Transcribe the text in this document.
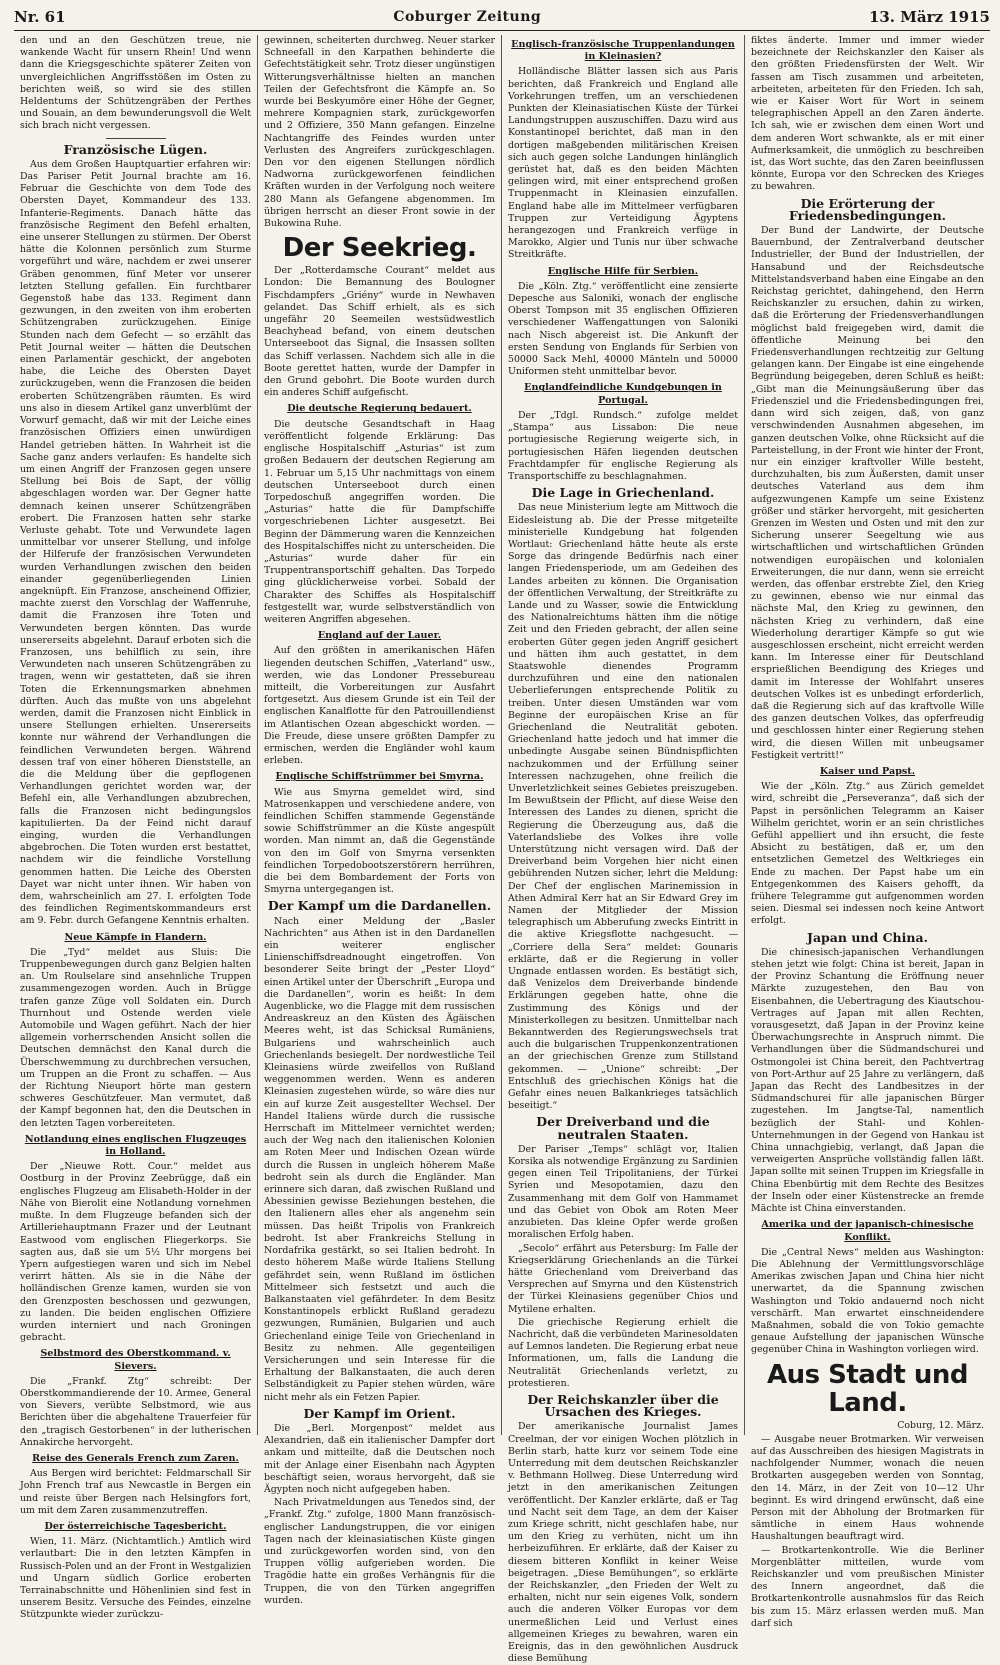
Nr. 61	Coburger Zeitung	13. März 1915

den und an den Geschützen treue, nie wankende Wacht für unsern Rhein! Und wenn dann die Kriegsgeschichte späterer Zeiten von unvergleichlichen Angriffsstößen im Osten zu berichten weiß, so wird sie des stillen Heldentums der Schützengräben der Perthes und Souain, an dem bewunderungsvoll die Welt sich brach nicht vergessen.

Französische Lügen.

Aus dem Großen Hauptquartier erfahren wir: Das Pariser Petit Journal brachte am 16. Februar die Geschichte von dem Tode des Obersten Dayet, Kommandeur des 133. Infanterie-Regiments. Danach hätte das französische Regiment den Befehl erhalten, eine unserer Stellungen zu stürmen. Der Oberst hätte die Kolonnen persönlich zum Sturme vorgeführt und wäre, nachdem er zwei unserer Gräben genommen, fünf Meter vor unserer letzten Stellung gefallen. Ein furchtbarer Gegenstoß habe das 133. Regiment dann gezwungen, in den zweiten von ihm eroberten Schützengraben zurückzugehen. Einige Stunden nach dem Gefecht — so erzählt das Petit Journal weiter — hätten die Deutschen einen Parlamentär geschickt, der angeboten habe, die Leiche des Obersten Dayet zurückzugeben, wenn die Franzosen die beiden eroberten Schützengräben räumten. Es wird uns also in diesem Artikel ganz unverblümt der Vorwurf gemacht, daß wir mit der Leiche eines französischen Offiziers einen unwürdigen Handel getrieben hätten. In Wahrheit ist die Sache ganz anders verlaufen: Es handelte sich um einen Angriff der Franzosen gegen unsere Stellung bei Bois de Sapt, der völlig abgeschlagen worden war. Der Gegner hatte demnach keinen unserer Schützengräben erobert. Die Franzosen hatten sehr starke Verluste gehabt. Tote und Verwundete lagen unmittelbar vor unserer Stellung, und infolge der Hilferufe der französischen Verwundeten wurden Verhandlungen zwischen den beiden einander gegenüberliegenden Linien angeknüpft. Ein Franzose, anscheinend Offizier, machte zuerst den Vorschlag der Waffenruhe, damit die Franzosen ihre Toten und Verwundeten bergen könnten. Das wurde unsererseits abgelehnt. Darauf erboten sich die Franzosen, uns behilflich zu sein, ihre Verwundeten nach unseren Schützengräben zu tragen, wenn wir gestatteten, daß sie ihren Toten die Erkennungsmarken abnehmen dürften. Auch das mußte von uns abgelehnt werden, damit die Franzosen nicht Einblick in unsere Stellungen erhielten. Unsererseits konnte nur während der Verhandlungen die feindlichen Verwundeten bergen. Während dessen traf von einer höheren Dienststelle, an die die Meldung über die gepflogenen Verhandlungen gerichtet worden war, der Befehl ein, alle Verhandlungen abzubrechen, falls die Franzosen nicht bedingungslos kapitulierten. Da der Feind nicht darauf einging, wurden die Verhandlungen abgebrochen. Die Toten wurden erst bestattet, nachdem wir die feindliche Vorstellung genommen hatten. Die Leiche des Obersten Dayet war nicht unter ihnen. Wir haben von dem, wahrscheinlich am 27. I. erfolgten Tode des feindlichen Regimentskommandeurs erst am 9. Febr. durch Gefangene Kenntnis erhalten.

Neue Kämpfe in Flandern.

Die „Tyd“ meldet aus Sluis: Die Truppenbewegungen durch ganz Belgien halten an. Um Roulselare sind ansehnliche Truppen zusammengezogen worden. Auch in Brügge trafen ganze Züge voll Soldaten ein. Durch Thurnhout und Ostende werden viele Automobile und Wagen geführt. Nach der hier allgemein vorherrschenden Ansicht sollen die Deutschen demnächst den Kanal durch die Überschwemmung zu durchbrechen versuchen, um Truppen an die Front zu schaffen. — Aus der Richtung Nieuport hörte man gestern schweres Geschützfeuer. Man vermutet, daß der Kampf begonnen hat, den die Deutschen in den letzten Tagen vorbereiteten.

Notlandung eines englischen Flugzeuges in Holland.

Der „Nieuwe Rott. Cour.“ meldet aus Oostburg in der Provinz Zeebrügge, daß ein englisches Flugzeug am Elisabeth-Holder in der Nähe von Bierolit eine Notlandung vornehmen mußte. In dem Flugzeuge befanden sich der Artilleriehauptmann Frazer und der Leutnant Eastwood vom englischen Fliegerkorps. Sie sagten aus, daß sie um 5½ Uhr morgens bei Ypern aufgestiegen waren und sich im Nebel verirrt hätten. Als sie in die Nähe der holländischen Grenze kamen, wurden sie von den Grenzposten beschossen und gezwungen, zu landen. Die beiden englischen Offiziere wurden interniert und nach Groningen gebracht.

Selbstmord des Oberstkommand. v. Sievers.

Die „Frankf. Ztg“ schreibt: Der Oberstkommandierende der 10. Armee, General von Sievers, verübte Selbstmord, wie aus Berichten über die abgehaltene Trauerfeier für den „tragisch Gestorbenen“ in der lutherischen Annakirche hervorgeht.

Reise des Generals French zum Zaren.

Aus Bergen wird berichtet: Feldmarschall Sir John French traf aus Newcastle in Bergen ein und reiste über Bergen nach Helsingfors fort, um mit dem Zaren zusammenzutreffen.

Der österreichische Tagesbericht.

Wien, 11. März. (Nichtamtlich.) Amtlich wird verlautbart: Die in den letzten Kämpfen in Russisch-Polen und an der Front in Westgalizien und Ungarn südlich Gorlice eroberten Terrainabschnitte und Höhenlinien sind fest in unserem Besitz. Versuche des Feindes, einzelne Stützpunkte wieder zurückzu-

gewinnen, scheiterten durchweg. Neuer starker Schneefall in den Karpathen behinderte die Gefechtstätigkeit sehr. Trotz dieser ungünstigen Witterungsverhältnisse hielten an manchen Teilen der Gefechtsfront die Kämpfe an. So wurde bei Beskyumöre einer Höhe der Gegner, mehrere Kompagnien stark, zurückgeworfen und 2 Offiziere, 350 Mann gefangen. Einzelne Nachtangriffe des Feindes wurden unter Verlusten des Angreifers zurückgeschlagen. Den vor den eigenen Stellungen nördlich Nadworna zurückgeworfenen feindlichen Kräften wurden in der Verfolgung noch weitere 280 Mann als Gefangene abgenommen. Im übrigen herrscht an dieser Front sowie in der Bukowina Ruhe.

Der Seekrieg.

Der „Rotterdamsche Courant“ meldet aus London: Die Bemannung des Boulogner Fischdampfers „Griény“ wurde in Newhaven gelandet. Das Schiff erhielt, als es sich ungefähr 20 Seemeilen westsüdwestlich Beachyhead befand, von einem deutschen Unterseeboot das Signal, die Insassen sollten das Schiff verlassen. Nachdem sich alle in die Boote gerettet hatten, wurde der Dampfer in den Grund gebohrt. Die Boote wurden durch ein anderes Schiff aufgefischt.

Die deutsche Regierung bedauert.

Die deutsche Gesandtschaft in Haag veröffentlicht folgende Erklärung: Das englische Hospitalschiff „Asturias“ ist zum großen Bedauern der deutschen Regierung am 1. Februar um 5,15 Uhr nachmittags von einem deutschen Unterseeboot durch einen Torpedoschuß angegriffen worden. Die „Asturias“ hatte die für Dampfschiffe vorgeschriebenen Lichter ausgesetzt. Bei Beginn der Dämmerung waren die Kennzeichen des Hospitalschiffes nicht zu unterscheiden. Die „Asturias“ wurde daher für ein Truppentransportschiff gehalten. Das Torpedo ging glücklicherweise vorbei. Sobald der Charakter des Schiffes als Hospitalschiff festgestellt war, wurde selbstverständlich von weiteren Angriffen abgesehen.

England auf der Lauer.

Auf den größten in amerikanischen Häfen liegenden deutschen Schiffen, „Vaterland“ usw., werden, wie das Londoner Pressebureau mitteilt, die Vorbereitungen zur Ausfahrt fortgesetzt. Aus diesem Grunde ist ein Teil der englischen Kanalflotte für den Patrouillendienst im Atlantischen Ozean abgeschickt worden. — Die Freude, diese unsere größten Dampfer zu ermischen, werden die Engländer wohl kaum erleben.

Englische Schiffstrümmer bei Smyrna.

Wie aus Smyrna gemeldet wird, sind Matrosenkappen und verschiedene andere, von feindlichen Schiffen stammende Gegenstände sowie Schiffstrümmer an die Küste angespült worden. Man nimmt an, daß die Gegenstände von den im Golf von Smyrna versenkten feindlichen Torpedobootszerstörern herrühren, die bei dem Bombardement der Forts von Smyrna untergegangen ist.

Der Kampf um die Dardanellen.

Nach einer Meldung der „Basler Nachrichten“ aus Athen ist in den Dardanellen ein weiterer englischer Linienschiffsdreadnought eingetroffen. Von besonderer Seite bringt der „Pester Lloyd“ einen Artikel unter der Überschrift „Europa und die Dardanellen“, worin es heißt: In dem Augenblicke, wo die Flagge mit dem russischen Andreaskreuz an den Küsten des Ägäischen Meeres weht, ist das Schicksal Rumäniens, Bulgariens und wahrscheinlich auch Griechenlands besiegelt. Der nordwestliche Teil Kleinasiens würde zweifellos von Rußland weggenommen werden. Wenn es anderen Kleinasien zugestehen würde, so wäre dies nur ein auf kurze Zeit ausgestellter Wechsel. Der Handel Italiens würde durch die russische Herrschaft im Mittelmeer vernichtet werden; auch der Weg nach den italienischen Kolonien am Roten Meer und Indischen Ozean würde durch die Russen in ungleich höherem Maße bedroht sein als durch die Engländer. Man erinnere sich daran, daß zwischen Rußland und Abessinien gewisse Beziehungen bestehen, die den Italienern alles eher als angenehm sein müssen. Das heißt Tripolis von Frankreich bedroht. Ist aber Frankreichs Stellung in Nordafrika gestärkt, so sei Italien bedroht. In desto höherem Maße würde Italiens Stellung gefährdet sein, wenn Rußland im östlichen Mittelmeer sich festsetzt und auch die Balkanstaaten viel gefährdeter. In dem Besitz Konstantinopels erblickt Rußland geradezu gezwungen, Rumänien, Bulgarien und auch Griechenland einige Teile von Griechenland in Besitz zu nehmen. Alle gegenteiligen Versicherungen und sein Interesse für die Erhaltung der Balkanstaaten, die auch deren Selbständigkeit zu Papier stehen würden, wäre nicht mehr als ein Fetzen Papier.

Der Kampf im Orient.

Die „Berl. Morgenpost“ meldet aus Alexandrien, daß ein italienischer Dampfer dort ankam und mitteilte, daß die Deutschen noch mit der Anlage einer Eisenbahn nach Ägypten beschäftigt seien, woraus hervorgeht, daß sie Ägypten noch nicht aufgegeben haben.

Nach Privatmeldungen aus Tenedos sind, der „Frankf. Ztg.“ zufolge, 1800 Mann französisch-englischer Landungstruppen, die vor einigen Tagen nach der kleinasiatischen Küste gingen und zurückgeworfen worden sind, von den Truppen völlig aufgerieben worden. Die Tragödie hatte ein großes Verhängnis für die Truppen, die von den Türken angegriffen wurden.

Englisch-französische Truppenlandungen in Kleinasien?

Holländische Blätter lassen sich aus Paris berichten, daß Frankreich und England alle Vorkehrungen treffen, um an verschiedenen Punkten der Kleinasiatischen Küste der Türkei Landungstruppen auszuschiffen. Dazu wird aus Konstantinopel berichtet, daß man in den dortigen maßgebenden militärischen Kreisen sich auch gegen solche Landungen hinlänglich gerüstet hat, daß es den beiden Mächten gelingen wird, mit einer entsprechend großen Truppenmacht in Kleinasien einzufallen. England habe alle im Mittelmeer verfügbaren Truppen zur Verteidigung Ägyptens herangezogen und Frankreich verfüge in Marokko, Algier und Tunis nur über schwache Streitkräfte.

Englische Hilfe für Serbien.

Die „Köln. Ztg.“ veröffentlicht eine zensierte Depesche aus Saloniki, wonach der englische Oberst Tompson mit 35 englischen Offizieren verschiedener Waffengattungen von Saloniki nach Nisch abgereist ist. Die Ankunft der ersten Sendung von Englands für Serbien von 50000 Sack Mehl, 40000 Mänteln und 50000 Uniformen steht unmittelbar bevor.

Englandfeindliche Kundgebungen in Portugal.

Der „Tdgl. Rundsch.“ zufolge meldet „Stampa“ aus Lissabon: Die neue portugiesische Regierung weigerte sich, in portugiesischen Häfen liegenden deutschen Frachtdampfer für englische Regierung als Transportschiffe zu beschlagnahmen.

Die Lage in Griechenland.

Das neue Ministerium legte am Mittwoch die Eidesleistung ab. Die der Presse mitgeteilte ministerielle Kundgebung hat folgenden Wortlaut: Griechenland hätte heute als erste Sorge das dringende Bedürfnis nach einer langen Friedensperiode, um am Gedeihen des Landes arbeiten zu können. Die Organisation der öffentlichen Verwaltung, der Streitkräfte zu Lande und zu Wasser, sowie die Entwicklung des Nationalreichtums hätten ihm die nötige Zeit und den Frieden gebracht, der allen seine eroberten Güter gegen jeden Angriff gesichert und hätten ihm auch gestattet, in dem Staatswohle dienendes Programm durchzuführen und eine den nationalen Ueberlieferungen entsprechende Politik zu treiben. Unter diesen Umständen war vom Beginne der europäischen Krise an für Griechenland die Neutralität geboten. Griechenland hatte jedoch und hat immer die unbedingte Ausgabe seinen Bündnispflichten nachzukommen und der Erfüllung seiner Interessen nachzugehen, ohne freilich die Unverletzlichkeit seines Gebietes preiszugeben. Im Bewußtsein der Pflicht, auf diese Weise den Interessen des Landes zu dienen, spricht die Regierung die Überzeugung aus, daß die Vaterlandsliebe des Volkes ihre volle Unterstützung nicht versagen wird. Daß der Dreiverband beim Vorgehen hier nicht einen gebührenden Nutzen sicher, lehrt die Meldung: Der Chef der englischen Marinemission in Athen Admiral Kerr hat an Sir Edward Grey im Namen der Mitglieder der Mission telegraphisch um Abberufung zwecks Eintritt in die aktive Kriegsflotte nachgesucht. — „Corriere della Sera“ meldet: Gounaris erklärte, daß er die Regierung in voller Ungnade entlassen worden. Es bestätigt sich, daß Venizelos dem Dreiverbande bindende Erklärungen gegeben hatte, ohne die Zustimmung des Königs und der Ministerkollegen zu besitzen. Unmittelbar nach Bekanntwerden des Regierungswechsels trat auch die bulgarischen Truppenkonzentrationen an der griechischen Grenze zum Stillstand gekommen. — „Unione“ schreibt: „Der Entschluß des griechischen Königs hat die Gefahr eines neuen Balkankrieges tatsächlich beseitigt.“

Der Dreiverband und die neutralen Staaten.

Der Pariser „Temps“ schlägt vor, Italien Korsika als notwendige Ergänzung zu Sardinien gegen einen Teil Tripolitaniens, der Türkei Syrien und Mesopotamien, dazu den Zusammenhang mit dem Golf von Hammamet und das Gebiet von Obok am Roten Meer anzubieten. Das kleine Opfer werde großen moralischen Erfolg haben.

„Secolo“ erfährt aus Petersburg: Im Falle der Kriegserklärung Griechenlands an die Türkei hätte Griechenland vom Dreiverband das Versprechen auf Smyrna und den Küstenstrich der Türkei Kleinasiens gegenüber Chios und Mytilene erhalten.

Die griechische Regierung erhielt die Nachricht, daß die verbündeten Marinesoldaten auf Lemnos landeten. Die Regierung erbat neue Informationen, um, falls die Landung die Neutralität Griechenlands verletzt, zu protestieren.

Der Reichskanzler über die Ursachen des Krieges.

Der amerikanische Journalist James Creelman, der vor einigen Wochen plötzlich in Berlin starb, hatte kurz vor seinem Tode eine Unterredung mit dem deutschen Reichskanzler v. Bethmann Hollweg. Diese Unterredung wird jetzt in den amerikanischen Zeitungen veröffentlicht. Der Kanzler erklärte, daß er Tag und Nacht seit dem Tage, an dem der Kaiser zum Kriege schritt, nicht geschlafen habe, nur um den Krieg zu verhüten, nicht um ihn herbeizuführen. Er erklärte, daß der Kaiser zu diesem bitteren Konflikt in keiner Weise beigetragen. „Diese Bemühungen“, so erklärte der Reichskanzler, „den Frieden der Welt zu erhalten, nicht nur sein eigenes Volk, sondern auch die anderen Völker Europas vor dem unermeßlichen Leid und Verlust eines allgemeinen Krieges zu bewahren, waren ein Ereignis, das in den gewöhnlichen Ausdruck diese Bemühung

fiktes änderte. Immer und immer wieder bezeichnete der Reichskanzler den Kaiser als den größten Friedensfürsten der Welt. Wir fassen am Tisch zusammen und arbeiteten, arbeiteten, arbeiteten für den Frieden. Ich sah, wie er Kaiser Wort für Wort in seinem telegraphischen Appell an den Zaren änderte. Ich sah, wie er zwischen dem einen Wort und dem anderen Wort schwankte, als er mit einer Aufmerksamkeit, die unmöglich zu beschreiben ist, das Wort suchte, das den Zaren beeinflussen könnte, Europa vor den Schrecken des Krieges zu bewahren.

Die Erörterung der Friedensbedingungen.

Der Bund der Landwirte, der Deutsche Bauernbund, der Zentralverband deutscher Industrieller, der Bund der Industriellen, der Hansabund und der Reichsdeutsche Mittelstandsverband haben eine Eingabe an den Reichstag gerichtet, dahingehend, den Herrn Reichskanzler zu ersuchen, dahin zu wirken, daß die Erörterung der Friedensverhandlungen möglichst bald freigegeben wird, damit die öffentliche Meinung bei den Friedensverhandlungen rechtzeitig zur Geltung gelangen kann. Der Eingabe ist eine eingehende Begründung beigegeben, deren Schluß es heißt: „Gibt man die Meinungsäußerung über das Friedensziel und die Friedensbedingungen frei, dann wird sich zeigen, daß, von ganz verschwindenden Ausnahmen abgesehen, im ganzen deutschen Volke, ohne Rücksicht auf die Parteistellung, in der Front wie hinter der Front, nur ein einziger kraftvoller Wille besteht, durchzuhalten, bis zum Äußersten, damit unser deutsches Vaterland aus dem ihm aufgezwungenen Kampfe um seine Existenz größer und stärker hervorgeht, mit gesicherten Grenzen im Westen und Osten und mit den zur Sicherung unserer Seegeltung wie aus wirtschaftlichen und wirtschaftlichen Gründen notwendigen europäischen und kolonialen Erweiterungen, die nur dann, wenn sie erreicht werden, das offenbar erstrebte Ziel, den Krieg zu gewinnen, ebenso wie nur einmal das nächste Mal, den Krieg zu gewinnen, den nächsten Krieg zu verhindern, daß eine Wiederholung derartiger Kämpfe so gut wie ausgeschlossen erscheint, nicht erreicht werden kann. Im Interesse einer für Deutschland ersprießlichen Beendigung des Krieges und damit im Interesse der Wohlfahrt unseres deutschen Volkes ist es unbedingt erforderlich, daß die Regierung sich auf das kraftvolle Wille des ganzen deutschen Volkes, das opferfreudig und geschlossen hinter einer Regierung stehen wird, die diesen Willen mit unbeugsamer Festigkeit vertritt!“

Kaiser und Papst.

Wie der „Köln. Ztg.“ aus Zürich gemeldet wird, schreibt die „Perseveranza“, daß sich der Papst in persönlichen Telegramm an Kaiser Wilhelm gerichtet, worin er an sein christliches Gefühl appelliert und ihn ersucht, die feste Absicht zu bestätigen, daß er, um den entsetzlichen Gemetzel des Weltkrieges ein Ende zu machen. Der Papst habe um ein Entgegenkommen des Kaisers gehofft, da frühere Telegramme gut aufgenommen worden seien. Diesmal sei indessen noch keine Antwort erfolgt.

Japan und China.

Die chinesisch-japanischen Verhandlungen stehen jetzt wie folgt: China ist bereit, Japan in der Provinz Schantung die Eröffnung neuer Märkte zuzugestehen, den Bau von Eisenbahnen, die Uebertragung des Kiautschou-Vertrages auf Japan mit allen Rechten, vorausgesetzt, daß Japan in der Provinz keine Überwachungsrechte in Anspruch nimmt. Die Verhandlungen über die Südmandschurei und Ostmongolei ist China bereit, den Pachtvertrag von Port-Arthur auf 25 Jahre zu verlängern, daß Japan das Recht des Landbesitzes in der Südmandschurei für alle japanischen Bürger zugestehen. Im Jangtse-Tal, namentlich bezüglich der Stahl- und Kohlen-Unternehmungen in der Gegend von Hankau ist China unnachgiebig, verlangt, daß Japan die verweigerten Ansprüche vollständig fallen läßt. Japan sollte mit seinen Truppen im Kriegsfalle in China Ebenbürtig mit dem Rechte des Besitzes der Inseln oder einer Küstenstrecke an fremde Mächte ist China einverstanden.

Amerika und der japanisch-chinesische Konflikt.

Die „Central News“ melden aus Washington: Die Ablehnung der Vermittlungsvorschläge Amerikas zwischen Japan und China hier nicht unerwartet, da die Spannung zwischen Washington und Tokio andauernd noch nicht verschärft. Man erwartet einschneidendere Maßnahmen, sobald die von Tokio gemachte genaue Aufstellung der japanischen Wünsche gegenüber China in Washington vorliegen wird.

Aus Stadt und Land.
Coburg, 12. März.

— Ausgabe neuer Brotmarken. Wir verweisen auf das Ausschreiben des hiesigen Magistrats in nachfolgender Nummer, wonach die neuen Brotkarten ausgegeben werden von Sonntag, den 14. März, in der Zeit von 10—12 Uhr beginnt. Es wird dringend erwünscht, daß eine Person mit der Abholung der Brotmarken für sämtliche in einem Haus wohnende Haushaltungen beauftragt wird.

— Brotkartenkontrolle. Wie die Berliner Morgenblätter mitteilen, wurde vom Reichskanzler und vom preußischen Minister des Innern angeordnet, daß die Brotkartenkontrolle ausnahmslos für das Reich bis zum 15. März erlassen werden muß. Man darf sich
